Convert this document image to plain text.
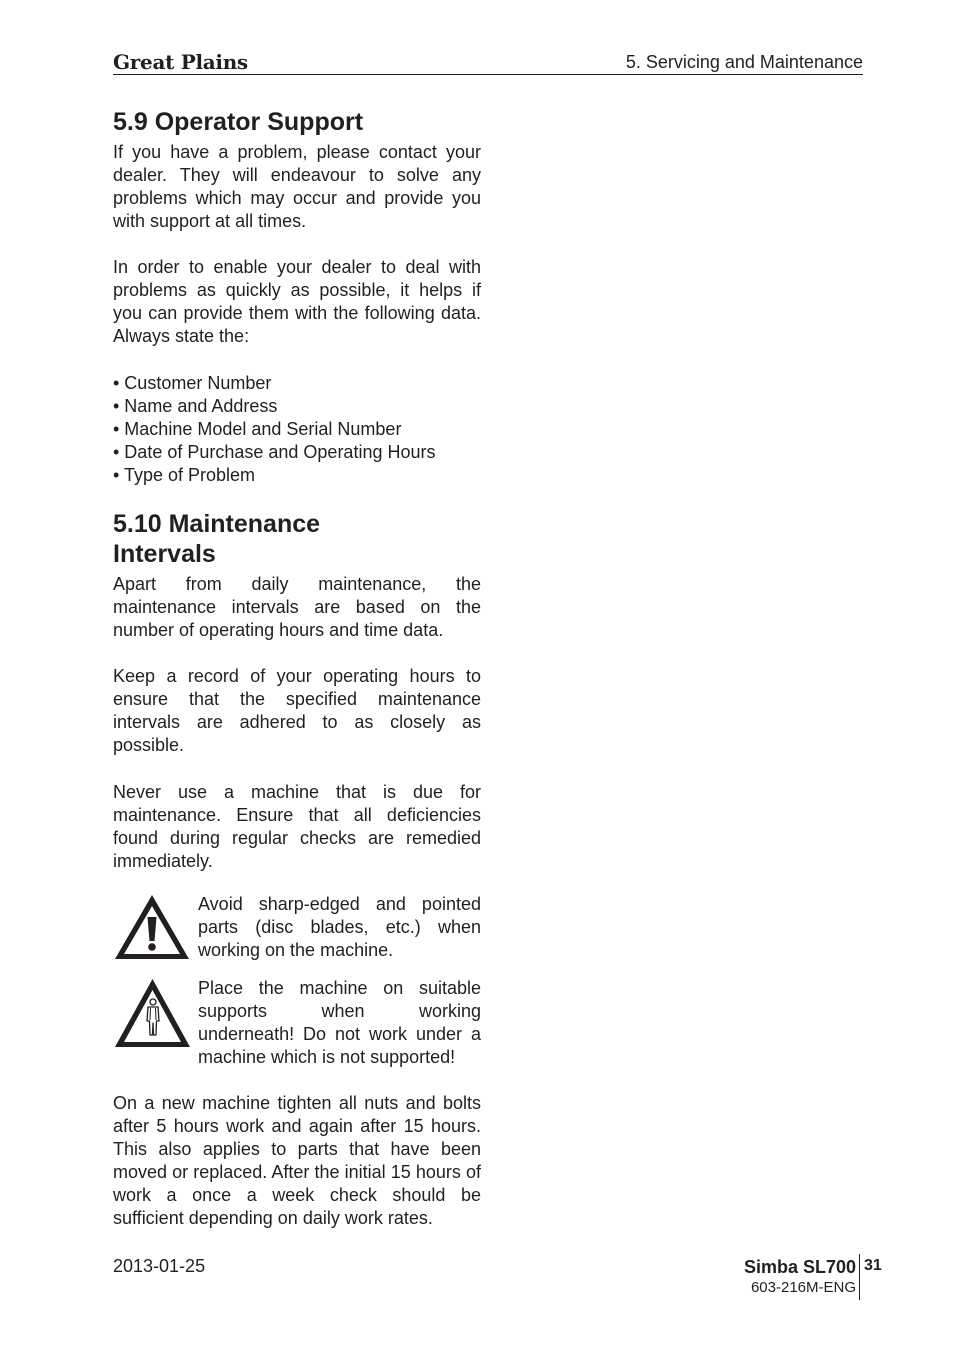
Great Plains	5. Servicing and Maintenance
5.9 Operator Support

If you have a problem, please contact your dealer. They will endeavour to solve any problems which may occur and provide you with support at all times.

In order to enable your dealer to deal with problems as quickly as possible, it helps if you can provide them with the following data. Always state the:

• Customer Number
• Name and Address
• Machine Model and Serial Number
• Date of Purchase and Operating Hours
• Type of Problem
5.10 Maintenance
Intervals

Apart from daily maintenance, the maintenance intervals are based on the number of operating hours and time data.

Keep a record of your operating hours to ensure that the specified maintenance intervals are adhered to as closely as possible.

Never use a machine that is due for maintenance. Ensure that all deficiencies found during regular checks are remedied immediately.

Avoid sharp-edged and pointed parts (disc blades, etc.) when working on the machine.

Place the machine on suitable supports when working underneath! Do not work under a machine which is not supported!

On a new machine tighten all nuts and bolts after 5 hours work and again after 15 hours. This also applies to parts that have been moved or replaced. After the initial 15 hours of work a once a week check should be sufficient depending on daily work rates.

2013-01-25	Simba SL700
603-216M-ENG
31
